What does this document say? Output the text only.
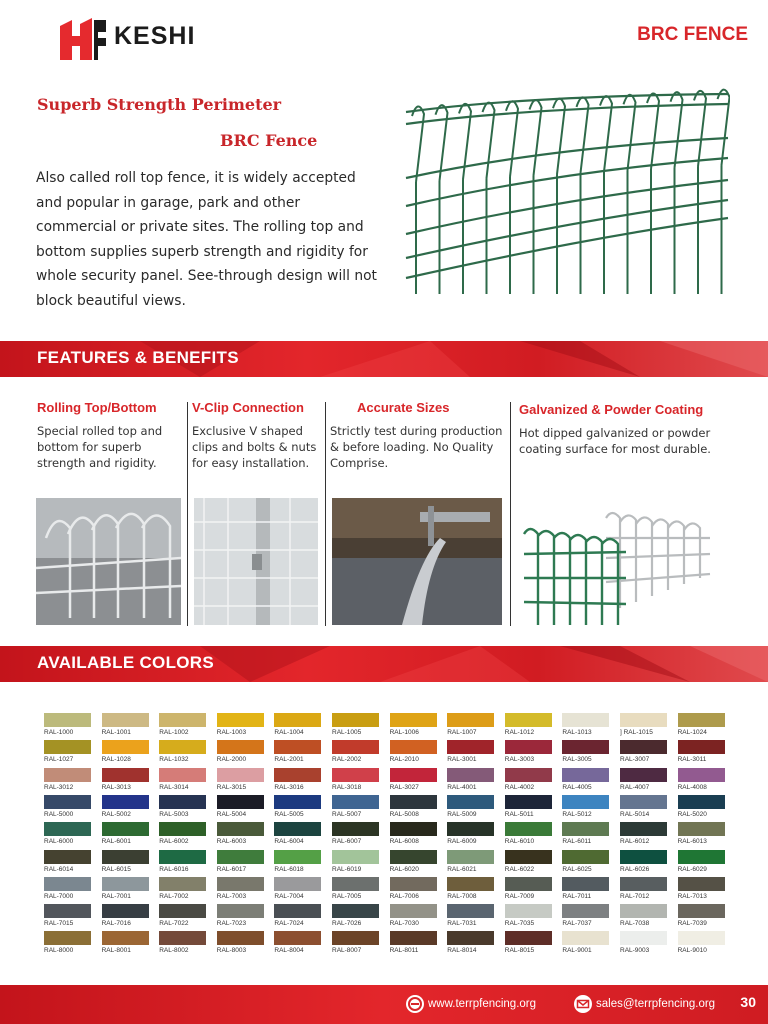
KESHI	BRC FENCE
Superb Strength Perimeter
BRC Fence
Also called roll top fence, it is widely accepted and popular in garage, park and other commercial or private sites. The rolling top and bottom supplies superb strength and rigidity for whole security panel. See-through design will not block beautiful views.
FEATURES & BENEFITS
Rolling Top/Bottom
Special rolled top and bottom for superb strength and rigidity.
V-Clip Connection
Exclusive V shaped clips and bolts & nuts for easy installation.
Accurate Sizes
Strictly test during production & before loading. No Quality Comprise.
Galvanized & Powder Coating
Hot dipped galvanized or powder coating surface for most durable.
AVAILABLE COLORS
RAL-1000	RAL-1001	RAL-1002	RAL-1003	RAL-1004	RAL-1005	RAL-1006	RAL-1007	RAL-1012	RAL-1013	] RAL-1015	RAL-1024
RAL-1027	RAL-1028	RAL-1032	RAL-2000	RAL-2001	RAL-2002	RAL-2010	RAL-3001	RAL-3003	RAL-3005	RAL-3007	RAL-3011
RAL-3012	RAL-3013	RAL-3014	RAL-3015	RAL-3016	RAL-3018	RAL-3027	RAL-4001	RAL-4002	RAL-4005	RAL-4007	RAL-4008
RAL-5000	RAL-5002	RAL-5003	RAL-5004	RAL-5005	RAL-5007	RAL-5008	RAL-5009	RAL-5011	RAL-5012	RAL-5014	RAL-5020
RAL-6000	RAL-6001	RAL-6002	RAL-6003	RAL-6004	RAL-6007	RAL-6008	RAL-6009	RAL-6010	RAL-6011	RAL-6012	RAL-6013
RAL-6014	RAL-6015	RAL-6016	RAL-6017	RAL-6018	RAL-6019	RAL-6020	RAL-6021	RAL-6022	RAL-6025	RAL-6026	RAL-6029
RAL-7000	RAL-7001	RAL-7002	RAL-7003	RAL-7004	RAL-7005	RAL-7006	RAL-7008	RAL-7009	RAL-7011	RAL-7012	RAL-7013
RAL-7015	RAL-7016	RAL-7022	RAL-7023	RAL-7024	RAL-7026	RAL-7030	RAL-7031	RAL-7035	RAL-7037	RAL-7038	RAL-7039
RAL-8000	RAL-8001	RAL-8002	RAL-8003	RAL-8004	RAL-8007	RAL-8011	RAL-8014	RAL-8015	RAL-9001	RAL-9003	RAL-9010
www.terrpfencing.org	sales@terrpfencing.org 30
